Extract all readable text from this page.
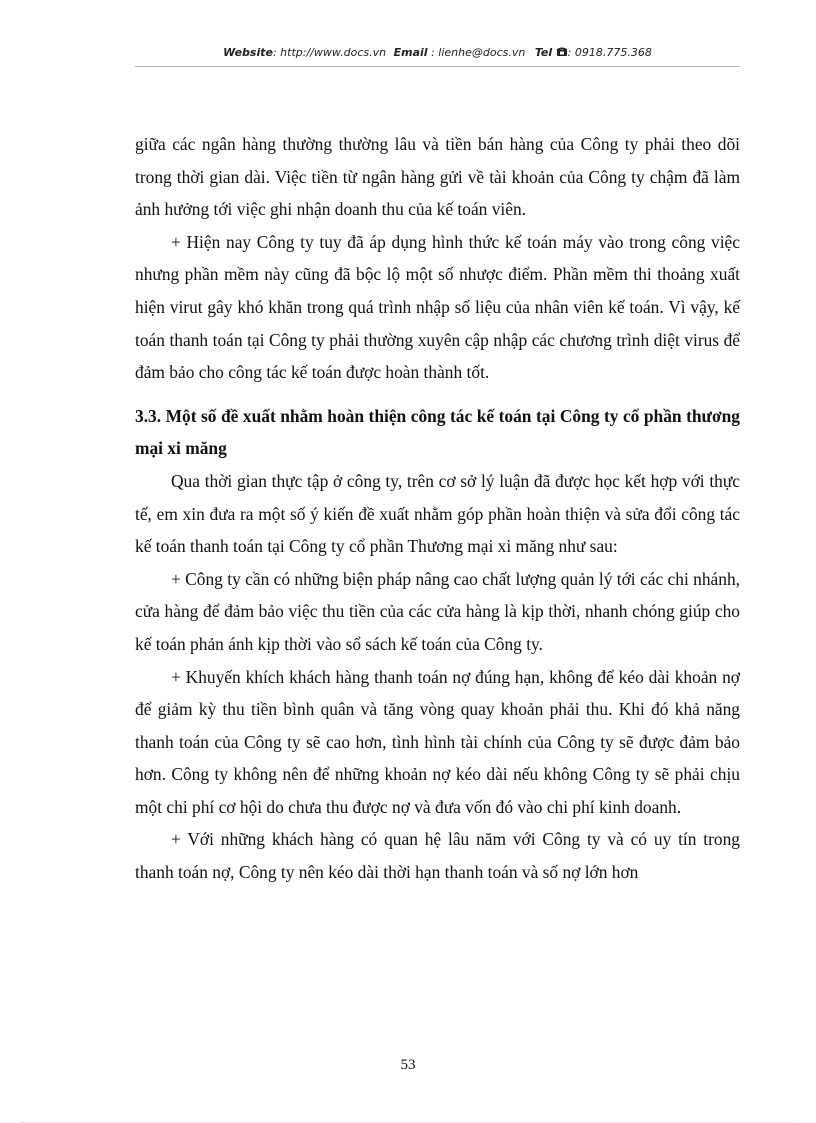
Website: http://www.docs.vn Email : lienhe@docs.vn Tel : 0918.775.368

giữa các ngân hàng thường thường lâu và tiền bán hàng của Công ty phải theo dõi trong thời gian dài. Việc tiền từ ngân hàng gửi về tài khoản của Công ty chậm đã làm ảnh hưởng tới việc ghi nhận doanh thu của kế toán viên.

+ Hiện nay Công ty tuy đã áp dụng hình thức kế toán máy vào trong công việc nhưng phần mềm này cũng đã bộc lộ một số nhược điểm. Phần mềm thi thoảng xuất hiện virut gây khó khăn trong quá trình nhập số liệu của nhân viên kế toán. Vì vậy, kế toán thanh toán tại Công ty phải thường xuyên cập nhập các chương trình diệt virus để đảm bảo cho công tác kế toán được hoàn thành tốt.

3.3. Một số đề xuất nhằm hoàn thiện công tác kế toán tại Công ty cổ phần thương mại xi măng

Qua thời gian thực tập ở công ty, trên cơ sở lý luận đã được học kết hợp với thực tế, em xin đưa ra một số ý kiến đề xuất nhằm góp phần hoàn thiện và sửa đổi công tác kế toán thanh toán tại Công ty cổ phần Thương mại xi măng như sau:

+ Công ty cần có những biện pháp nâng cao chất lượng quản lý tới các chi nhánh, cửa hàng để đảm bảo việc thu tiền của các cửa hàng là kịp thời, nhanh chóng giúp cho kế toán phản ánh kịp thời vào sổ sách kế toán của Công ty.

+ Khuyến khích khách hàng thanh toán nợ đúng hạn, không để kéo dài khoản nợ để giảm kỳ thu tiền bình quân và tăng vòng quay khoản phải thu. Khi đó khả năng thanh toán của Công ty sẽ cao hơn, tình hình tài chính của Công ty sẽ được đảm bảo hơn. Công ty không nên để những khoản nợ kéo dài nếu không Công ty sẽ phải chịu một chi phí cơ hội do chưa thu được nợ và đưa vốn đó vào chi phí kinh doanh.

+ Với những khách hàng có quan hệ lâu năm với Công ty và có uy tín trong thanh toán nợ, Công ty nên kéo dài thời hạn thanh toán và số nợ lớn hơn

53
